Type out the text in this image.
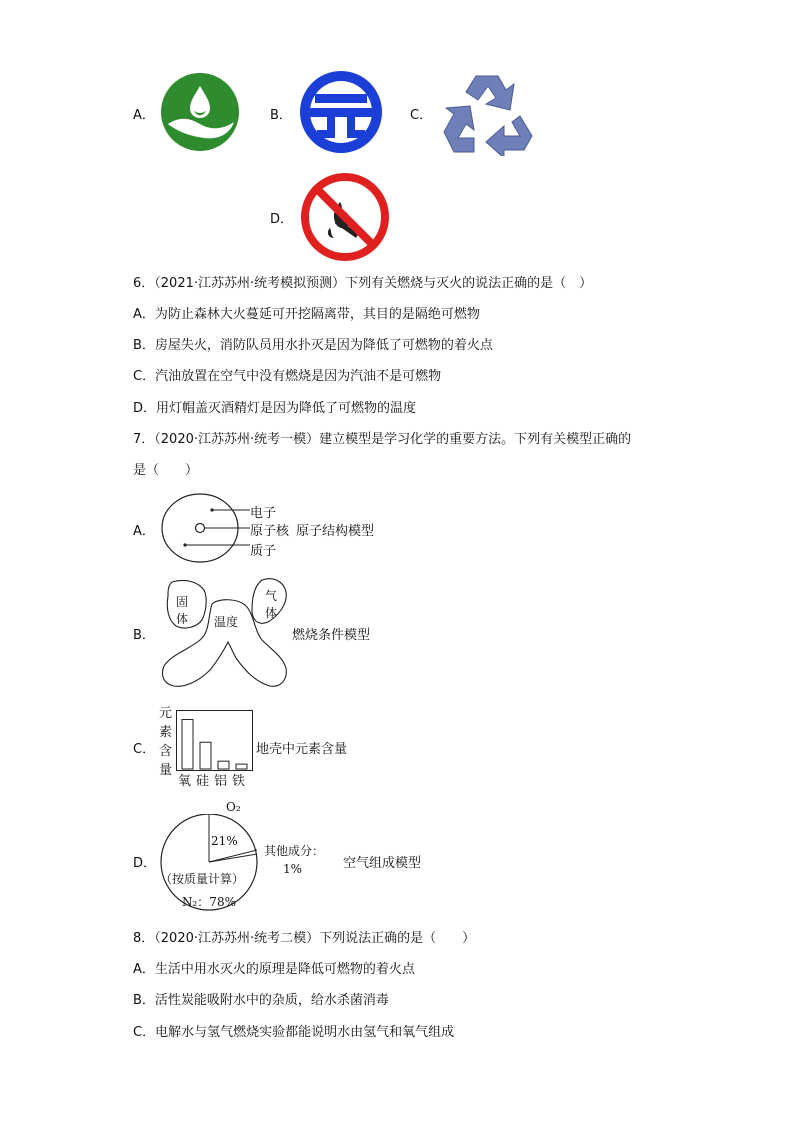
A．	B．	C．
D．
6．（2021·江苏苏州·统考模拟预测）下列有关燃烧与灭火的说法正确的是（　）
A．为防止森林大火蔓延可开挖隔离带，其目的是隔绝可燃物
B．房屋失火，消防队员用水扑灭是因为降低了可燃物的着火点
C．汽油放置在空气中没有燃烧是因为汽油不是可燃物
D．用灯帽盖灭酒精灯是因为降低了可燃物的温度
7．（2020·江苏苏州·统考一模）建立模型是学习化学的重要方法。下列有关模型正确的
是（　　）
A．
电子
原子核
质子
原子结构模型
B．
固体
气体
温度
燃烧条件模型
C．
元素含量
氧 硅 铝 铁
地壳中元素含量
D．
O₂
21%
其他成分：
1%
（按质量计算）
N₂：78%
空气组成模型
8．（2020·江苏苏州·统考二模）下列说法正确的是（　　）
A．生活中用水灭火的原理是降低可燃物的着火点
B．活性炭能吸附水中的杂质，给水杀菌消毒
C．电解水与氢气燃烧实验都能说明水由氢气和氧气组成
